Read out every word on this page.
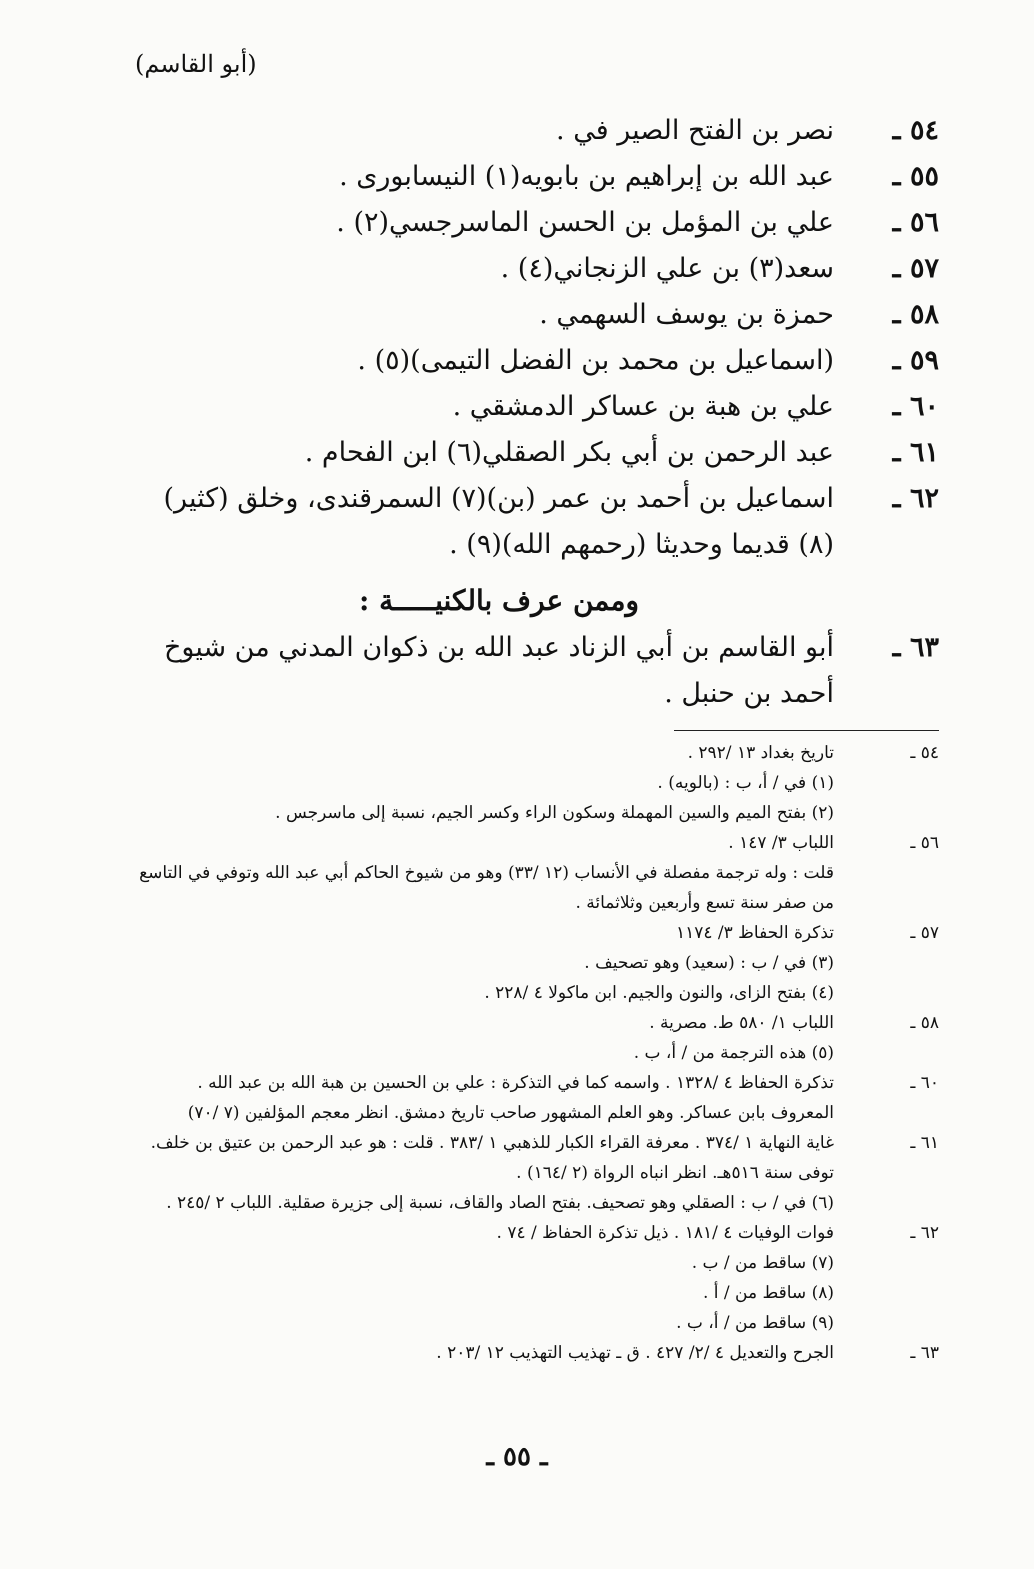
(أبو القاسم)
٥٤ ـ
نصر بن الفتح الصير في .
٥٥ ـ
عبد الله بن إبراهيم بن بابويه(١) النيسابورى .
٥٦ ـ
علي بن المؤمل بن الحسن الماسرجسي(٢) .
٥٧ ـ
سعد(٣) بن علي الزنجاني(٤) .
٥٨ ـ
حمزة بن يوسف السهمي .
٥٩ ـ
(اسماعيل بن محمد بن الفضل التيمى)(٥) .
٦٠ ـ
علي بن هبة بن عساكر الدمشقي .
٦١ ـ
عبد الرحمن بن أبي بكر الصقلي(٦) ابن الفحام .
٦٢ ـ
اسماعيل بن أحمد بن عمر (بن)(٧) السمرقندى، وخلق (كثير)(٨) قديما وحديثا (رحمهم الله)(٩) .
وممن عرف بالكنيـــــة :
٦٣ ـ
أبو القاسم بن أبي الزناد عبد الله بن ذكوان المدني من شيوخ أحمد بن حنبل .
٥٤ ـ
تاريخ بغداد ١٣ /٢٩٢ .
(١) في / أ، ب : (بالويه) .
(٢) بفتح الميم والسين المهملة وسكون الراء وكسر الجيم، نسبة إلى ماسرجس .
٥٦ ـ
اللباب ٣/ ١٤٧ .
قلت : وله ترجمة مفصلة في الأنساب (١٢ /٣٣) وهو من شيوخ الحاكم أبي عبد الله وتوفي في التاسع من صفر سنة تسع وأربعين وثلاثمائة .
٥٧ ـ
تذكرة الحفاظ ٣/ ١١٧٤
(٣) في / ب : (سعيد) وهو تصحيف .
(٤) بفتح الزاى، والنون والجيم. ابن ماكولا ٤ /٢٢٨ .
٥٨ ـ
اللباب ١/ ٥٨٠ ط. مصرية .
(٥) هذه الترجمة من / أ، ب .
٦٠ ـ
تذكرة الحفاظ ٤ /١٣٢٨ . واسمه كما في التذكرة : علي بن الحسين بن هبة الله بن عبد الله . المعروف بابن عساكر. وهو العلم المشهور صاحب تاريخ دمشق. انظر معجم المؤلفين (٧ /٧٠)
٦١ ـ
غاية النهاية ١ /٣٧٤ . معرفة القراء الكبار للذهبي ١ /٣٨٣ . قلت : هو عبد الرحمن بن عتيق بن خلف. توفى سنة ٥١٦هـ. انظر انباه الرواة (٢ /١٦٤) .
(٦) في / ب : الصقلي وهو تصحيف. بفتح الصاد والقاف، نسبة إلى جزيرة صقلية. اللباب ٢ /٢٤٥ .
٦٢ ـ
فوات الوفيات ٤ /١٨١ . ذيل تذكرة الحفاظ / ٧٤ .
(٧) ساقط من / ب .
(٨) ساقط من / أ .
(٩) ساقط من / أ، ب .
٦٣ ـ
الجرح والتعديل ٤ /٢/ ٤٢٧ . ق ـ تهذيب التهذيب ١٢ /٢٠٣ .
ـ ٥٥ ـ
